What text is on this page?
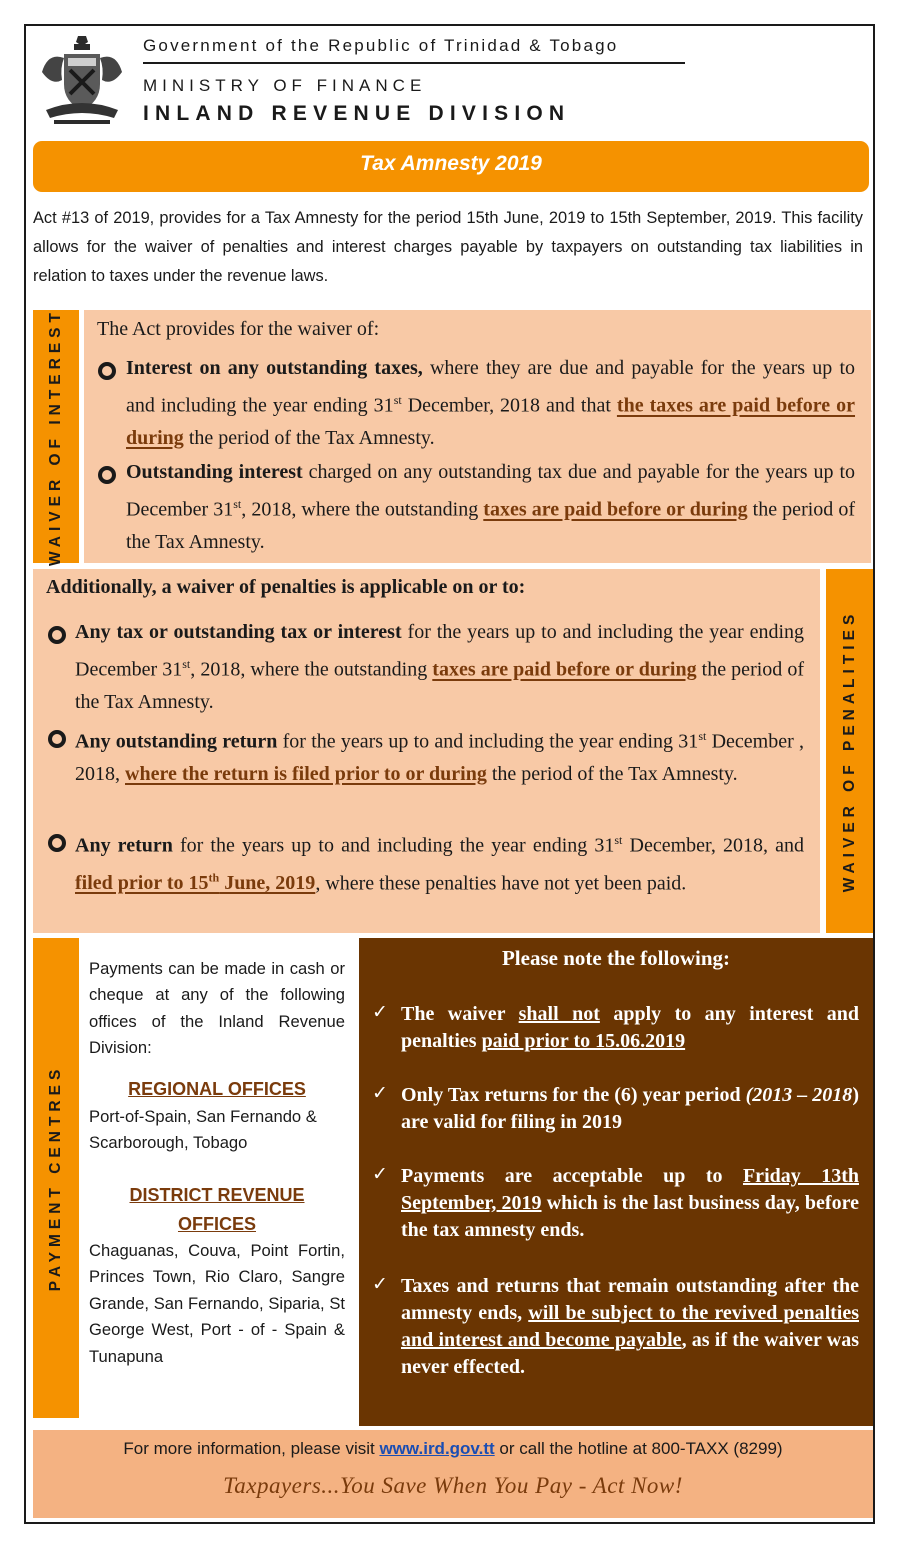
Government of the Republic of Trinidad & Tobago
MINISTRY OF FINANCE
INLAND REVENUE DIVISION
Tax Amnesty 2019
Act #13 of 2019, provides for a Tax Amnesty for the period 15th June, 2019 to 15th September, 2019. This facility allows for the waiver of penalties and interest charges payable by taxpayers on outstanding tax liabilities in relation to taxes under the revenue laws.
WAIVER OF INTEREST The Act provides for the waiver of:
Interest on any outstanding taxes, where they are due and payable for the years up to and including the year ending 31st December, 2018 and that the taxes are paid before or during the period of the Tax Amnesty.
Outstanding interest charged on any outstanding tax due and payable for the years up to December 31st, 2018, where the outstanding taxes are paid before or during the period of the Tax Amnesty.
WAIVER OF PENALITIES
Additionally, a waiver of penalties is applicable on or to:
Any tax or outstanding tax or interest for the years up to and including the year ending December 31st, 2018, where the outstanding taxes are paid before or during the period of the Tax Amnesty.
Any outstanding return for the years up to and including the year ending 31st December , 2018, where the return is filed prior to or during the period of the Tax Amnesty.
Any return for the years up to and including the year ending 31st December, 2018, and filed prior to 15th June, 2019, where these penalties have not yet been paid.
PAYMENT CENTRES
Payments can be made in cash or cheque at any of the following offices of the Inland Revenue Division:
REGIONAL OFFICES
Port-of-Spain, San Fernando & Scarborough, Tobago
DISTRICT REVENUE OFFICES
Chaguanas, Couva, Point Fortin, Princes Town, Rio Claro, Sangre Grande, San Fernando, Siparia, St George West, Port - of - Spain & Tunapuna
Please note the following:
✓ The waiver shall not apply to any interest and penalties paid prior to 15.06.2019
✓ Only Tax returns for the (6) year period (2013 – 2018) are valid for filing in 2019
✓ Payments are acceptable up to Friday 13th September, 2019 which is the last business day, before the tax amnesty ends.
✓ Taxes and returns that remain outstanding after the amnesty ends, will be subject to the revived penalties and interest and become payable, as if the waiver was never effected.
For more information, please visit www.ird.gov.tt or call the hotline at 800-TAXX (8299)
Taxpayers...You Save When You Pay - Act Now!
